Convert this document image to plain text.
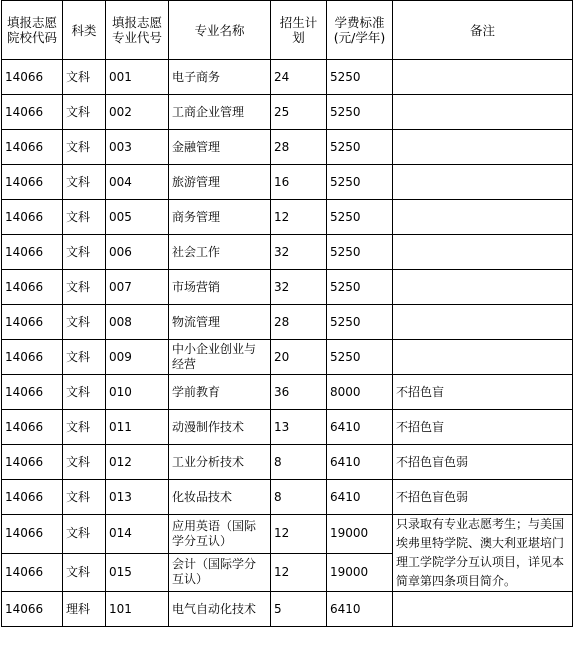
填报志愿院校代码	科类	填报志愿专业代号	专业名称	招生计划	学费标准(元/学年)	备注
14066	文科	001	电子商务	24	5250	
14066	文科	002	工商企业管理	25	5250	
14066	文科	003	金融管理	28	5250	
14066	文科	004	旅游管理	16	5250	
14066	文科	005	商务管理	12	5250	
14066	文科	006	社会工作	32	5250	
14066	文科	007	市场营销	32	5250	
14066	文科	008	物流管理	28	5250	
14066	文科	009	中小企业创业与经营	20	5250	
14066	文科	010	学前教育	36	8000	不招色盲
14066	文科	011	动漫制作技术	13	6410	不招色盲
14066	文科	012	工业分析技术	8	6410	不招色盲色弱
14066	文科	013	化妆品技术	8	6410	不招色盲色弱
14066	文科	014	应用英语（国际学分互认）	12	19000	只录取有专业志愿考生；与美国埃弗里特学院、澳大利亚堪培门理工学院学分互认项目，详见本简章第四条项目简介。
14066	文科	015	会计（国际学分互认）	12	19000	
14066	理科	101	电气自动化技术	5	6410	
